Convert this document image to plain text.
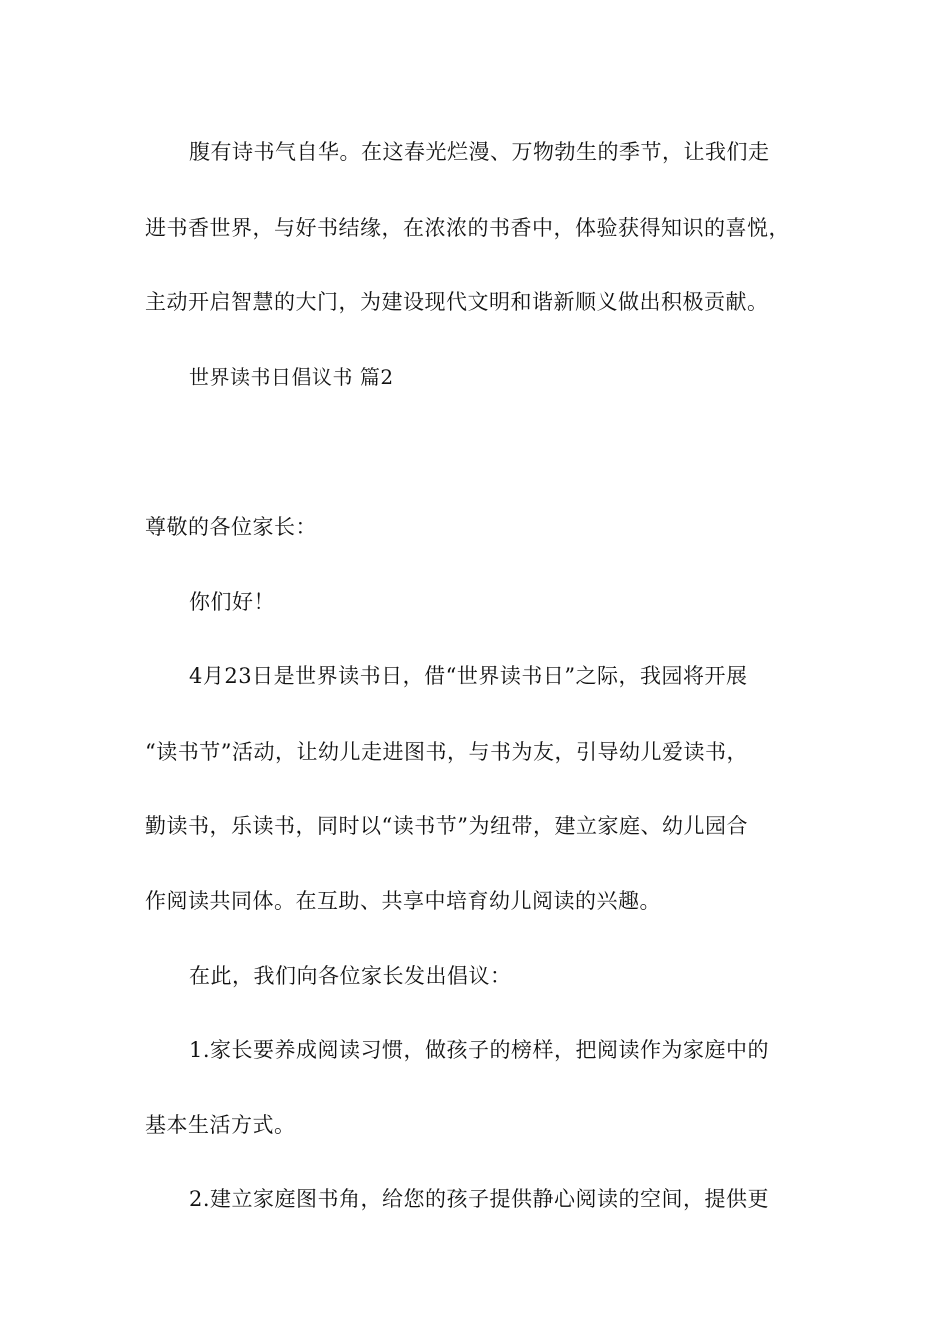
腹有诗书气自华。在这春光烂漫、万物勃生的季节，让我们走
进书香世界，与好书结缘，在浓浓的书香中，体验获得知识的喜悦，
主动开启智慧的大门，为建设现代文明和谐新顺义做出积极贡献。
世界读书日倡议书 篇2
尊敬的各位家长：
你们好！
4月23日是世界读书日，借“世界读书日”之际，我园将开展
“读书节”活动，让幼儿走进图书，与书为友，引导幼儿爱读书，
勤读书，乐读书，同时以“读书节”为纽带，建立家庭、幼儿园合
作阅读共同体。在互助、共享中培育幼儿阅读的兴趣。
在此，我们向各位家长发出倡议：
1.家长要养成阅读习惯，做孩子的榜样，把阅读作为家庭中的
基本生活方式。
2.建立家庭图书角，给您的孩子提供静心阅读的空间，提供更
